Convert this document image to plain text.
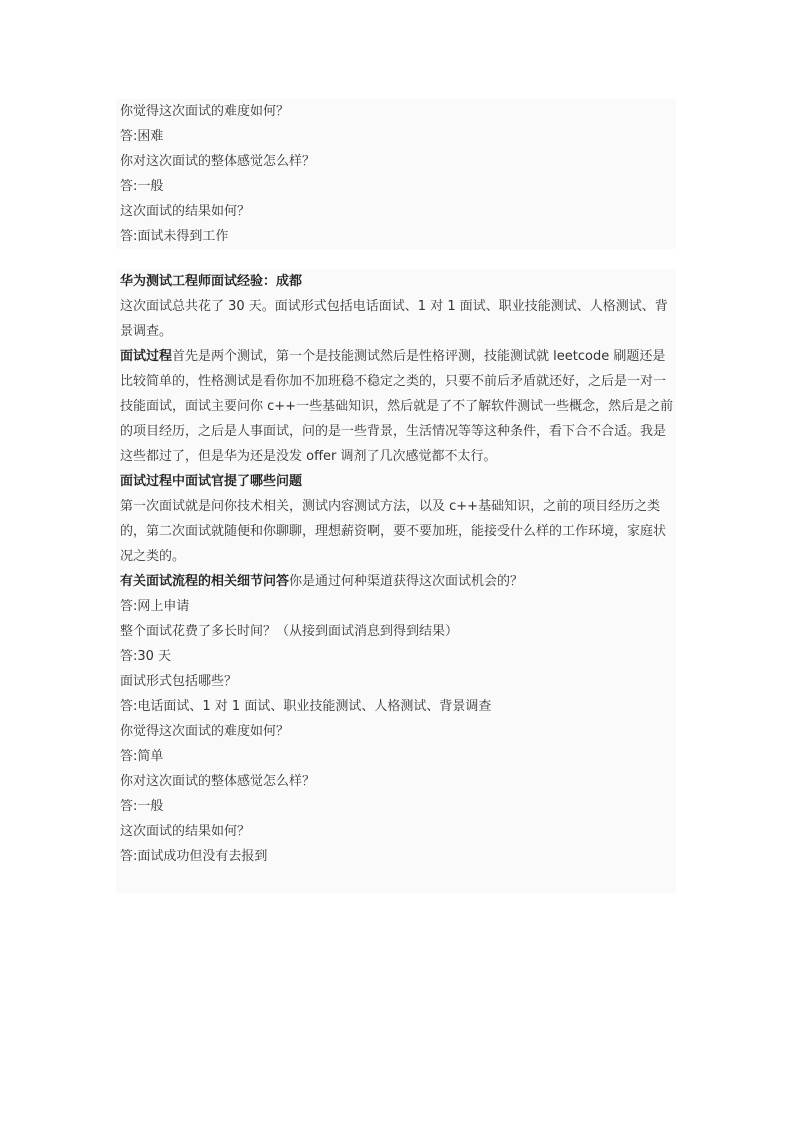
你觉得这次面试的难度如何？
答:困难
你对这次面试的整体感觉怎么样？
答:一般
这次面试的结果如何？
答:面试未得到工作
华为测试工程师面试经验：成都
这次面试总共花了 30 天。面试形式包括电话面试、1 对 1 面试、职业技能测试、人格测试、背景调查。
面试过程首先是两个测试，第一个是技能测试然后是性格评测，技能测试就 leetcode 刷题还是比较简单的，性格测试是看你加不加班稳不稳定之类的，只要不前后矛盾就还好，之后是一对一技能面试，面试主要问你 c++一些基础知识，然后就是了不了解软件测试一些概念，然后是之前的项目经历，之后是人事面试，问的是一些背景，生活情况等等这种条件，看下合不合适。我是这些都过了，但是华为还是没发 offer 调剂了几次感觉都不太行。
面试过程中面试官提了哪些问题
第一次面试就是问你技术相关，测试内容测试方法，以及 c++基础知识，之前的项目经历之类的，第二次面试就随便和你聊聊，理想薪资啊，要不要加班，能接受什么样的工作环境，家庭状况之类的。
有关面试流程的相关细节问答你是通过何种渠道获得这次面试机会的？
答:网上申请
整个面试花费了多长时间？（从接到面试消息到得到结果）
答:30 天
面试形式包括哪些？
答:电话面试、1 对 1 面试、职业技能测试、人格测试、背景调查
你觉得这次面试的难度如何？
答:简单
你对这次面试的整体感觉怎么样？
答:一般
这次面试的结果如何？
答:面试成功但没有去报到
